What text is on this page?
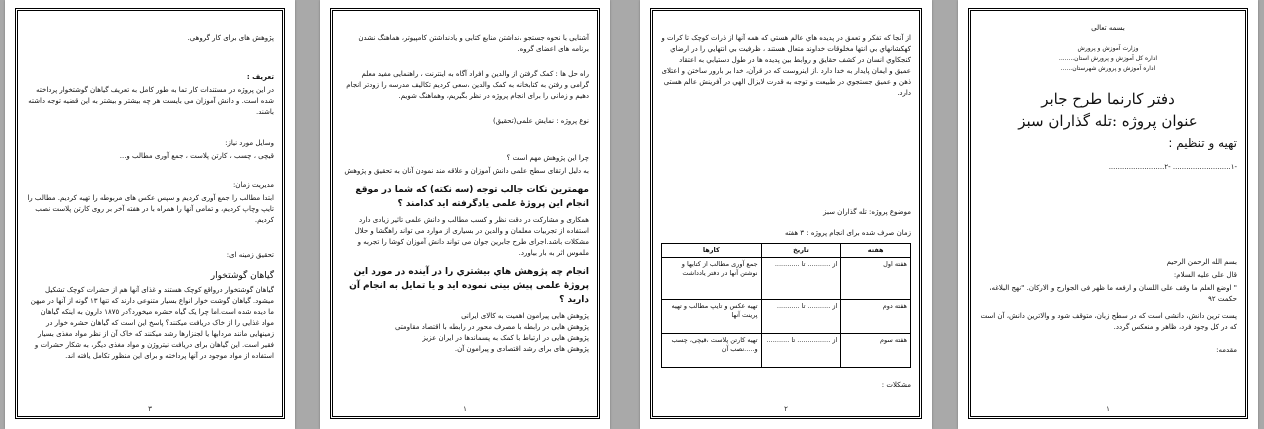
پژوهش های برای کار گروهی.

تعریف :

در این پروژه در مستندات کار تما به طور کامل به تعریف گیاهان گوشتخوار پرداخته شده است. و دانش آموزان می بایست هر چه بیشتر و بیشتر به این قضیه توجه داشته باشند.

وسایل مورد نیاز:

قیچی ، چسب ، کارتن پلاست ، جمع آوری مطالب و...

مدیریت زمان:

ابتدا مطالب را جمع آوری کردیم و سپس عکس های مربوطه را تهیه کردیم. مطالب را تایپ وچاپ کردیم، و تمامی آنها را همراه با در هفته آخر بر روی کارتن پلاست نصب کردیم.

تحقیق زمینه ای:

گیاهان گوشتخوار

گیاهان گوشتخوار درواقع کوچک هستند و غذای آنها هم از حشرات کوچک تشکیل میشود. گیاهان گوشت خوار انواع بسیار متنوعی دارند که تنها ١٣ گونه از آنها در میهن ما دیده شده است.اما چرا یک گیاه حشره میخورد؟در ١٨٧٥ دارون به اینکه گیاهان مواد غذایی را از خاک دریافت میکنند؟ پاسخ این است که گیاهان حشره خوار در زمینهایی مانند مردابها یا لجنزارها رشد میکنند که خاک آن از نظر مواد مغذی بسیار فقیر است. این گیاهان برای دریافت نیتروژن و مواد مغذی دیگر، به شکار حشرات و استفاده از مواد موجود در آنها پرداخته و برای این منظور تکامل یافته اند.

٣

آشنایی با نحوه جستجو ،نداشتن منابع کتابی و یادنداشتن کامپیوتر، هماهنگ نشدن برنامه های اعضای گروه.

راه حل ها : کمک گرفتن از والدین و افراد آگاه به اینترنت ، راهنمایی مفید معلم گرامی و رفتن به کتابخانه به کمک والدین ،سعی کردیم تکالیف مدرسه را زودتر انجام دهیم و زمانی را برای انجام پروژه در نظر بگیریم، وهماهنگ شویم.

نوع پروژه : نمایش علمی(تحقیق)

چرا این پژوهش مهم است ؟

به دلیل ارتقای سطح علمی دانش آموزان و علاقه مند نمودن آنان به تحقیق و پژوهش

مهمترین نکات جالب توجه (سه نکته) که شما در موقع انجام این پروژۀ علمی یادگرفته اید کدامند ؟

همکاری و مشارکت در دقت نظر و کسب مطالب و دانش علمی تاثیر زیادی دارد استفاده از تجربیات معلمان و والدین در بسیاری از موارد می تواند راهگشا و حلال مشکلات باشد.اجرای طرح جابرین جوان می تواند دانش آموزان کوشا را تجربه و ملموس اثر به بار بیاورد.

انجام چه پژوهش هاي بیشتري را در آینده در مورد این پروژۀ علمی پیش بینی نموده اید و یا تمایل به انجام آن دارید ؟

پژوهش هایی پیرامون اهمیت به کالای ایرانی
پژوهش هایی در رابطه با مصرف محور در رابطه با اقتصاد مقاومتی
پژوهش هایی در ارتباط با کمک به پسماندها در ایران عزیز
پژوهش های برای رشد اقتصادی و پیرامون آن.
١

از آنجا که تفکر و تعمق در پدیده هاي عالم هستي که همه آنها از ذرات کوچک تا کرات و کهکشانهاي بي انتها مخلوقات خداوند متعال هستند ، ظرفیت بي انتهایي را در ارضاي کنجکاوي انسان در کشف حقایق و روابط بین پدیده ها در طول دستیابي به اعتقاد عمیق و ایمان پایدار به خدا دارد .از اینروست که در قرآن، خدا بر بارور ساختن و اعتلای ذهن و عمیق جستجوي در طبیعت و توجه به قدرت لایزال الهي در آفرینش عالم هستی دارد.

موضوع پروژه: تله گذاران سبز

زمان صرف شده برای انجام پروژه : ٣ هفته

هفته	تاریخ	کارها
هفته اول	از ........... تا ............	جمع آوری مطالب از کتابها و نوشتن آنها در دفتر یادداشت
هفته دوم	از ........... تا ...........	تهیه عکس و تایپ مطالب و تهیه پرینت آنها
هفته سوم	از ................ تا ...........	تهیه کارتن پلاست ،قیچی، چسب و.....نصب آن

مشکلات :

٢

بسمه تعالی

وزارت آموزش و پرورش
اداره کل آموزش و پرورش استان........
اداره آموزش و پرورش شهرستان......

دفتر کارنما طرح جابر

عنوان پروژه :تله گذاران سبز

تهیه و تنظیم :

-١.......................... -٢.........................

بسم الله الرحمن الرحیم

قال علی علیه السلام:

" اوضع العلم ما وقف علی اللسان و ارفعه ما ظهر فی الجوارح و الارکان. "نهج البلاغه، حکمت ٩٢

پست ترین دانش، دانشی است که در سطح زبان، متوقف شود و والاترین دانش، آن است که در کل وجود فرد، ظاهر و منعکس گردد.

مقدمه:

١
